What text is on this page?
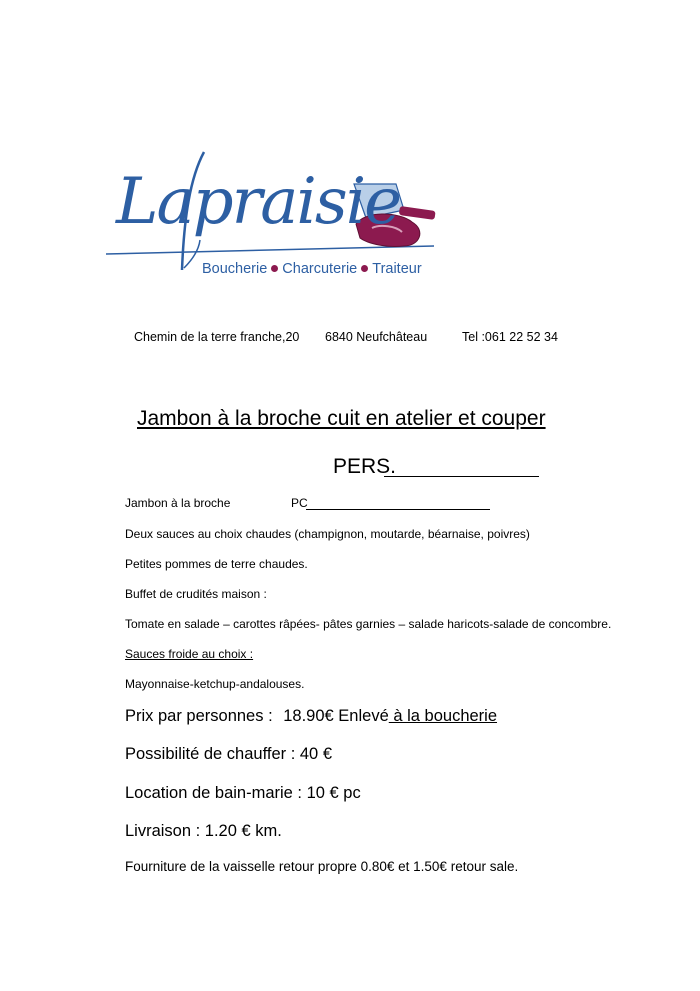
Lapraisie
Boucherie Charcuterie Traiteur
Chemin de la terre franche,20 6840 Neufchâteau	Tel :061 22 52 34
Jambon à la broche cuit en atelier et couper
PERS.
Jambon à la broche	PC
Deux sauces au choix chaudes (champignon, moutarde, béarnaise, poivres)
Petites pommes de terre chaudes.
Buffet de crudités maison :
Tomate en salade – carottes râpées- pâtes garnies – salade haricots-salade de concombre.
Sauces froide au choix :
Mayonnaise-ketchup-andalouses.
Prix par personnes : 18.90€ Enlevé à la boucherie
Possibilité de chauffer : 40 €
Location de bain-marie : 10 € pc
Livraison : 1.20 € km.
Fourniture de la vaisselle retour propre 0.80€ et 1.50€ retour sale.
